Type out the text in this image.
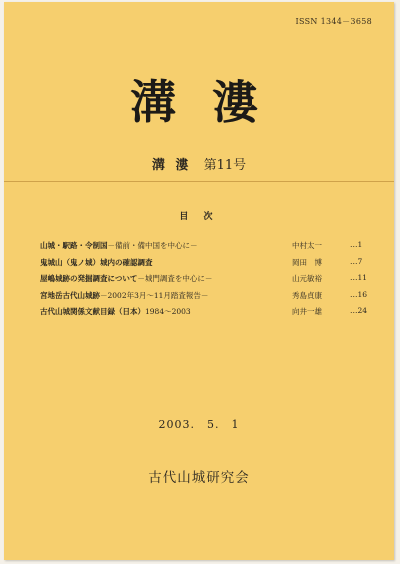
ISSN 1344－3658
溝 漊
溝 漊 第11号
目 次
山城・駅路・令制国－備前・備中国を中心に－	中村太一	…1
鬼城山（鬼ノ城）城内の確認調査	岡田　博	…7
屋嶋城跡の発掘調査について－城門調査を中心に－	山元敏裕	…11
宮地岳古代山城跡－2002年3月～11月踏査報告－	秀島貞康	…16
古代山城関係文献目録（日本）1984～2003	向井一雄	…24
2003.　5.　1
古代山城研究会
